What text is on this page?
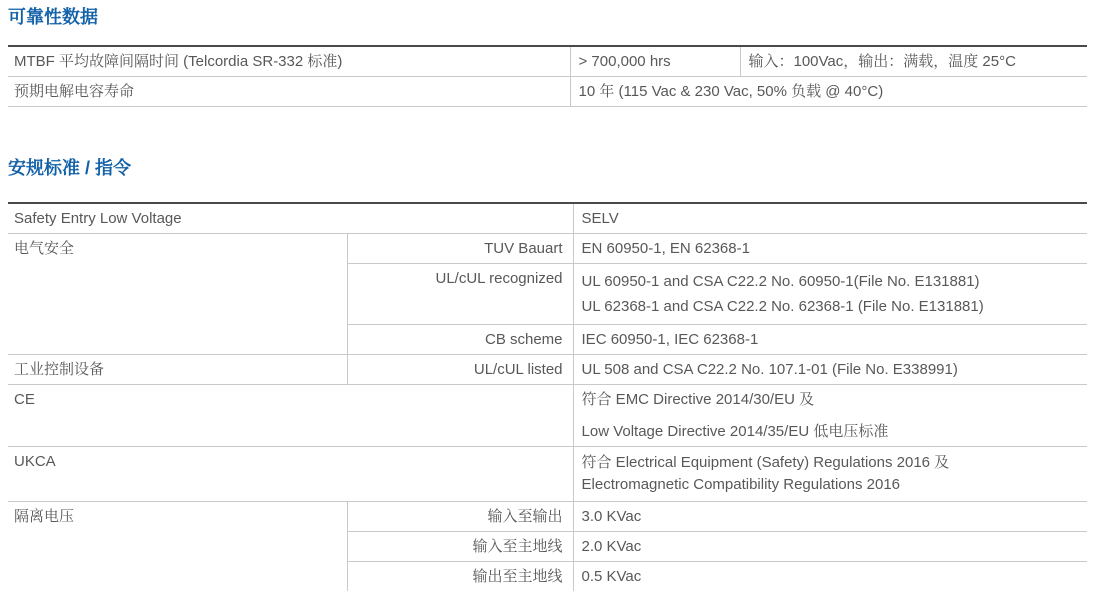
可靠性数据
MTBF 平均故障间隔时间 (Telcordia SR-332 标准)	> 700,000 hrs	输入：100Vac，输出：满载，温度 25°C
预期电解电容寿命	10 年 (115 Vac & 230 Vac, 50% 负载 @ 40°C)	
安规标准 / 指令
Safety Entry Low Voltage		SELV
电气安全	TUV Bauart	EN 60950-1, EN 62368-1
	UL/cUL recognized	UL 60950-1 and CSA C22.2 No. 60950-1(File No. E131881)
UL 62368-1 and CSA C22.2 No. 62368-1 (File No. E131881)

	CB scheme	IEC 60950-1, IEC 62368-1
工业控制设备	UL/cUL listed	UL 508 and CSA C22.2 No. 107.1-01 (File No. E338991)
CE		符合 EMC Directive 2014/30/EU 及
Low Voltage Directive 2014/35/EU 低电压标准

UKCA		符合 Electrical Equipment (Safety) Regulations 2016 及
Electromagnetic Compatibility Regulations 2016

隔离电压	输入至输出	3.0 KVac
	输入至主地线	2.0 KVac
	输出至主地线	0.5 KVac
